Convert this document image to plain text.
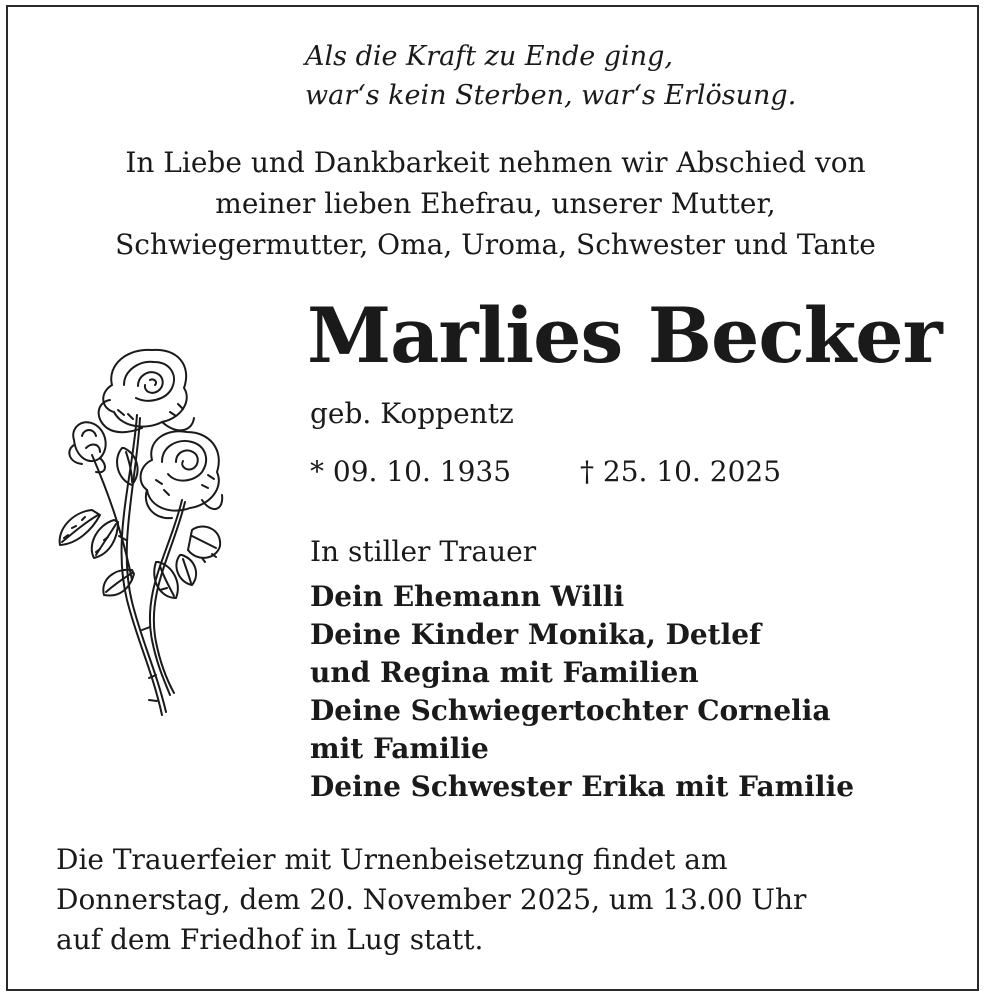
Als die Kraft zu Ende ging,
war‘s kein Sterben, war‘s Erlösung.
In Liebe und Dankbarkeit nehmen wir Abschied von
meiner lieben Ehefrau, unserer Mutter,
Schwiegermutter, Oma, Uroma, Schwester und Tante
Marlies Becker
geb. Koppentz
* 09. 10. 1935 † 25. 10. 2025
In stiller Trauer
Dein Ehemann Willi
Deine Kinder Monika, Detlef
und Regina mit Familien
Deine Schwiegertochter Cornelia
mit Familie
Deine Schwester Erika mit Familie
Die Trauerfeier mit Urnenbeisetzung findet am
Donnerstag, dem 20. November 2025, um 13.00 Uhr
auf dem Friedhof in Lug statt.
